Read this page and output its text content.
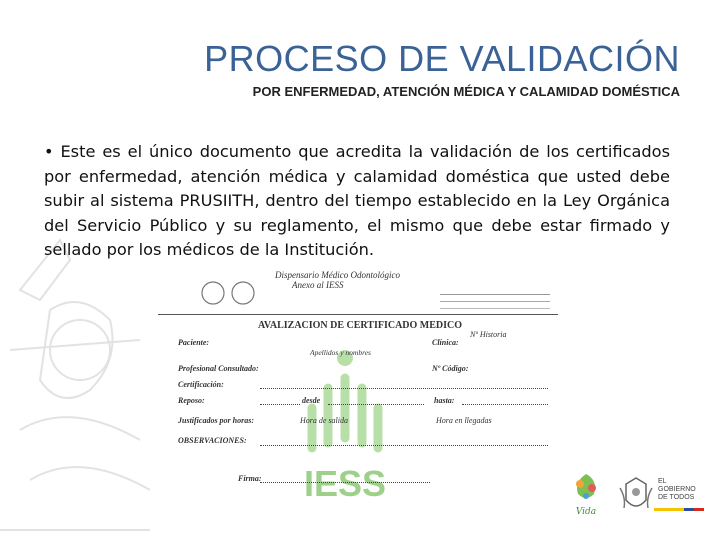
PROCESO DE VALIDACIÓN
POR ENFERMEDAD, ATENCIÓN MÉDICA Y CALAMIDAD DOMÉSTICA
• Este es el único documento que acredita la validación de los certificados por enfermedad, atención médica y calamidad doméstica que usted debe subir al sistema PRUSIITH, dentro del tiempo establecido en la Ley Orgánica del Servicio Público y su reglamento, el mismo que debe estar firmado y sellado por los médicos de la Institución.
IESS
Dispensario Médico Odontológico
Anexo al IESS
AVALIZACION DE CERTIFICADO MEDICO
Nº Historia
Paciente:	Clínica:
Apellidos y nombres
Profesional Consultado:	Nº Código:
Certificación:
Reposo:	desde	hasta:
Justificados por horas:	Hora de salida	Hora en llegadas
OBSERVACIONES:
Firma:
Vida
EL
GOBIERNO
DE TODOS
